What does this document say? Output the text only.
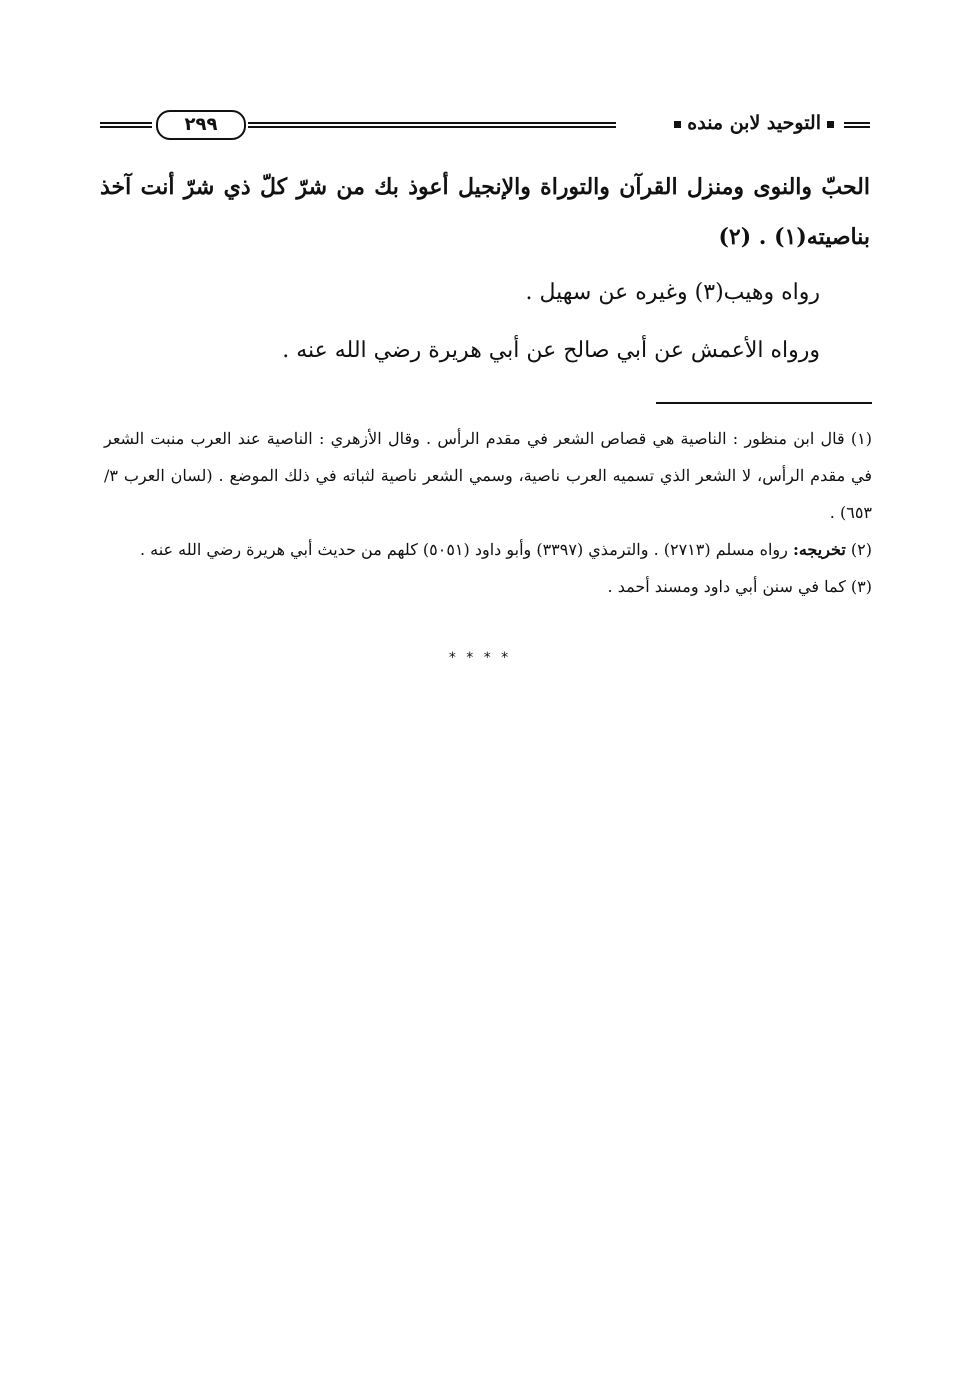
التوحيد لابن منده
٢٩٩

الحبّ والنوى ومنزل القرآن والتوراة والإنجيل أعوذ بك من شرّ كلّ ذي شرّ أنت آخذ بناصيته(١) . (٢)

رواه وهيب(٣) وغيره عن سهيل .

ورواه الأعمش عن أبي صالح عن أبي هريرة رضي الله عنه .

(١) قال ابن منظور : الناصية هي قصاص الشعر في مقدم الرأس . وقال الأزهري : الناصية عند العرب منبت الشعر في مقدم الرأس، لا الشعر الذي تسميه العرب ناصية، وسمي الشعر ناصية لثباته في ذلك الموضع . (لسان العرب ٣/ ٦٥٣) .

(٢) تخريجه: رواه مسلم (٢٧١٣) . والترمذي (٣٣٩٧) وأبو داود (٥٠٥١) كلهم من حديث أبي هريرة رضي الله عنه .

(٣) كما في سنن أبي داود ومسند أحمد .

* * * *
